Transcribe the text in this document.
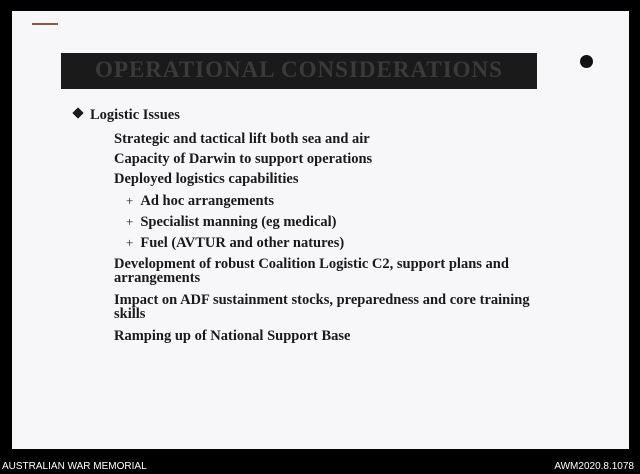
OPERATIONAL CONSIDERATIONS
Logistic Issues
Strategic and tactical lift both sea and air
Capacity of Darwin to support operations
Deployed logistics capabilities
+ Ad hoc arrangements
+ Specialist manning (eg medical)
+ Fuel (AVTUR and other natures)
Development of robust Coalition Logistic C2, support plans and arrangements
Impact on ADF sustainment stocks, preparedness and core training skills
Ramping up of National Support Base
AUSTRALIAN WAR MEMORIAL	AWM2020.8.1078
